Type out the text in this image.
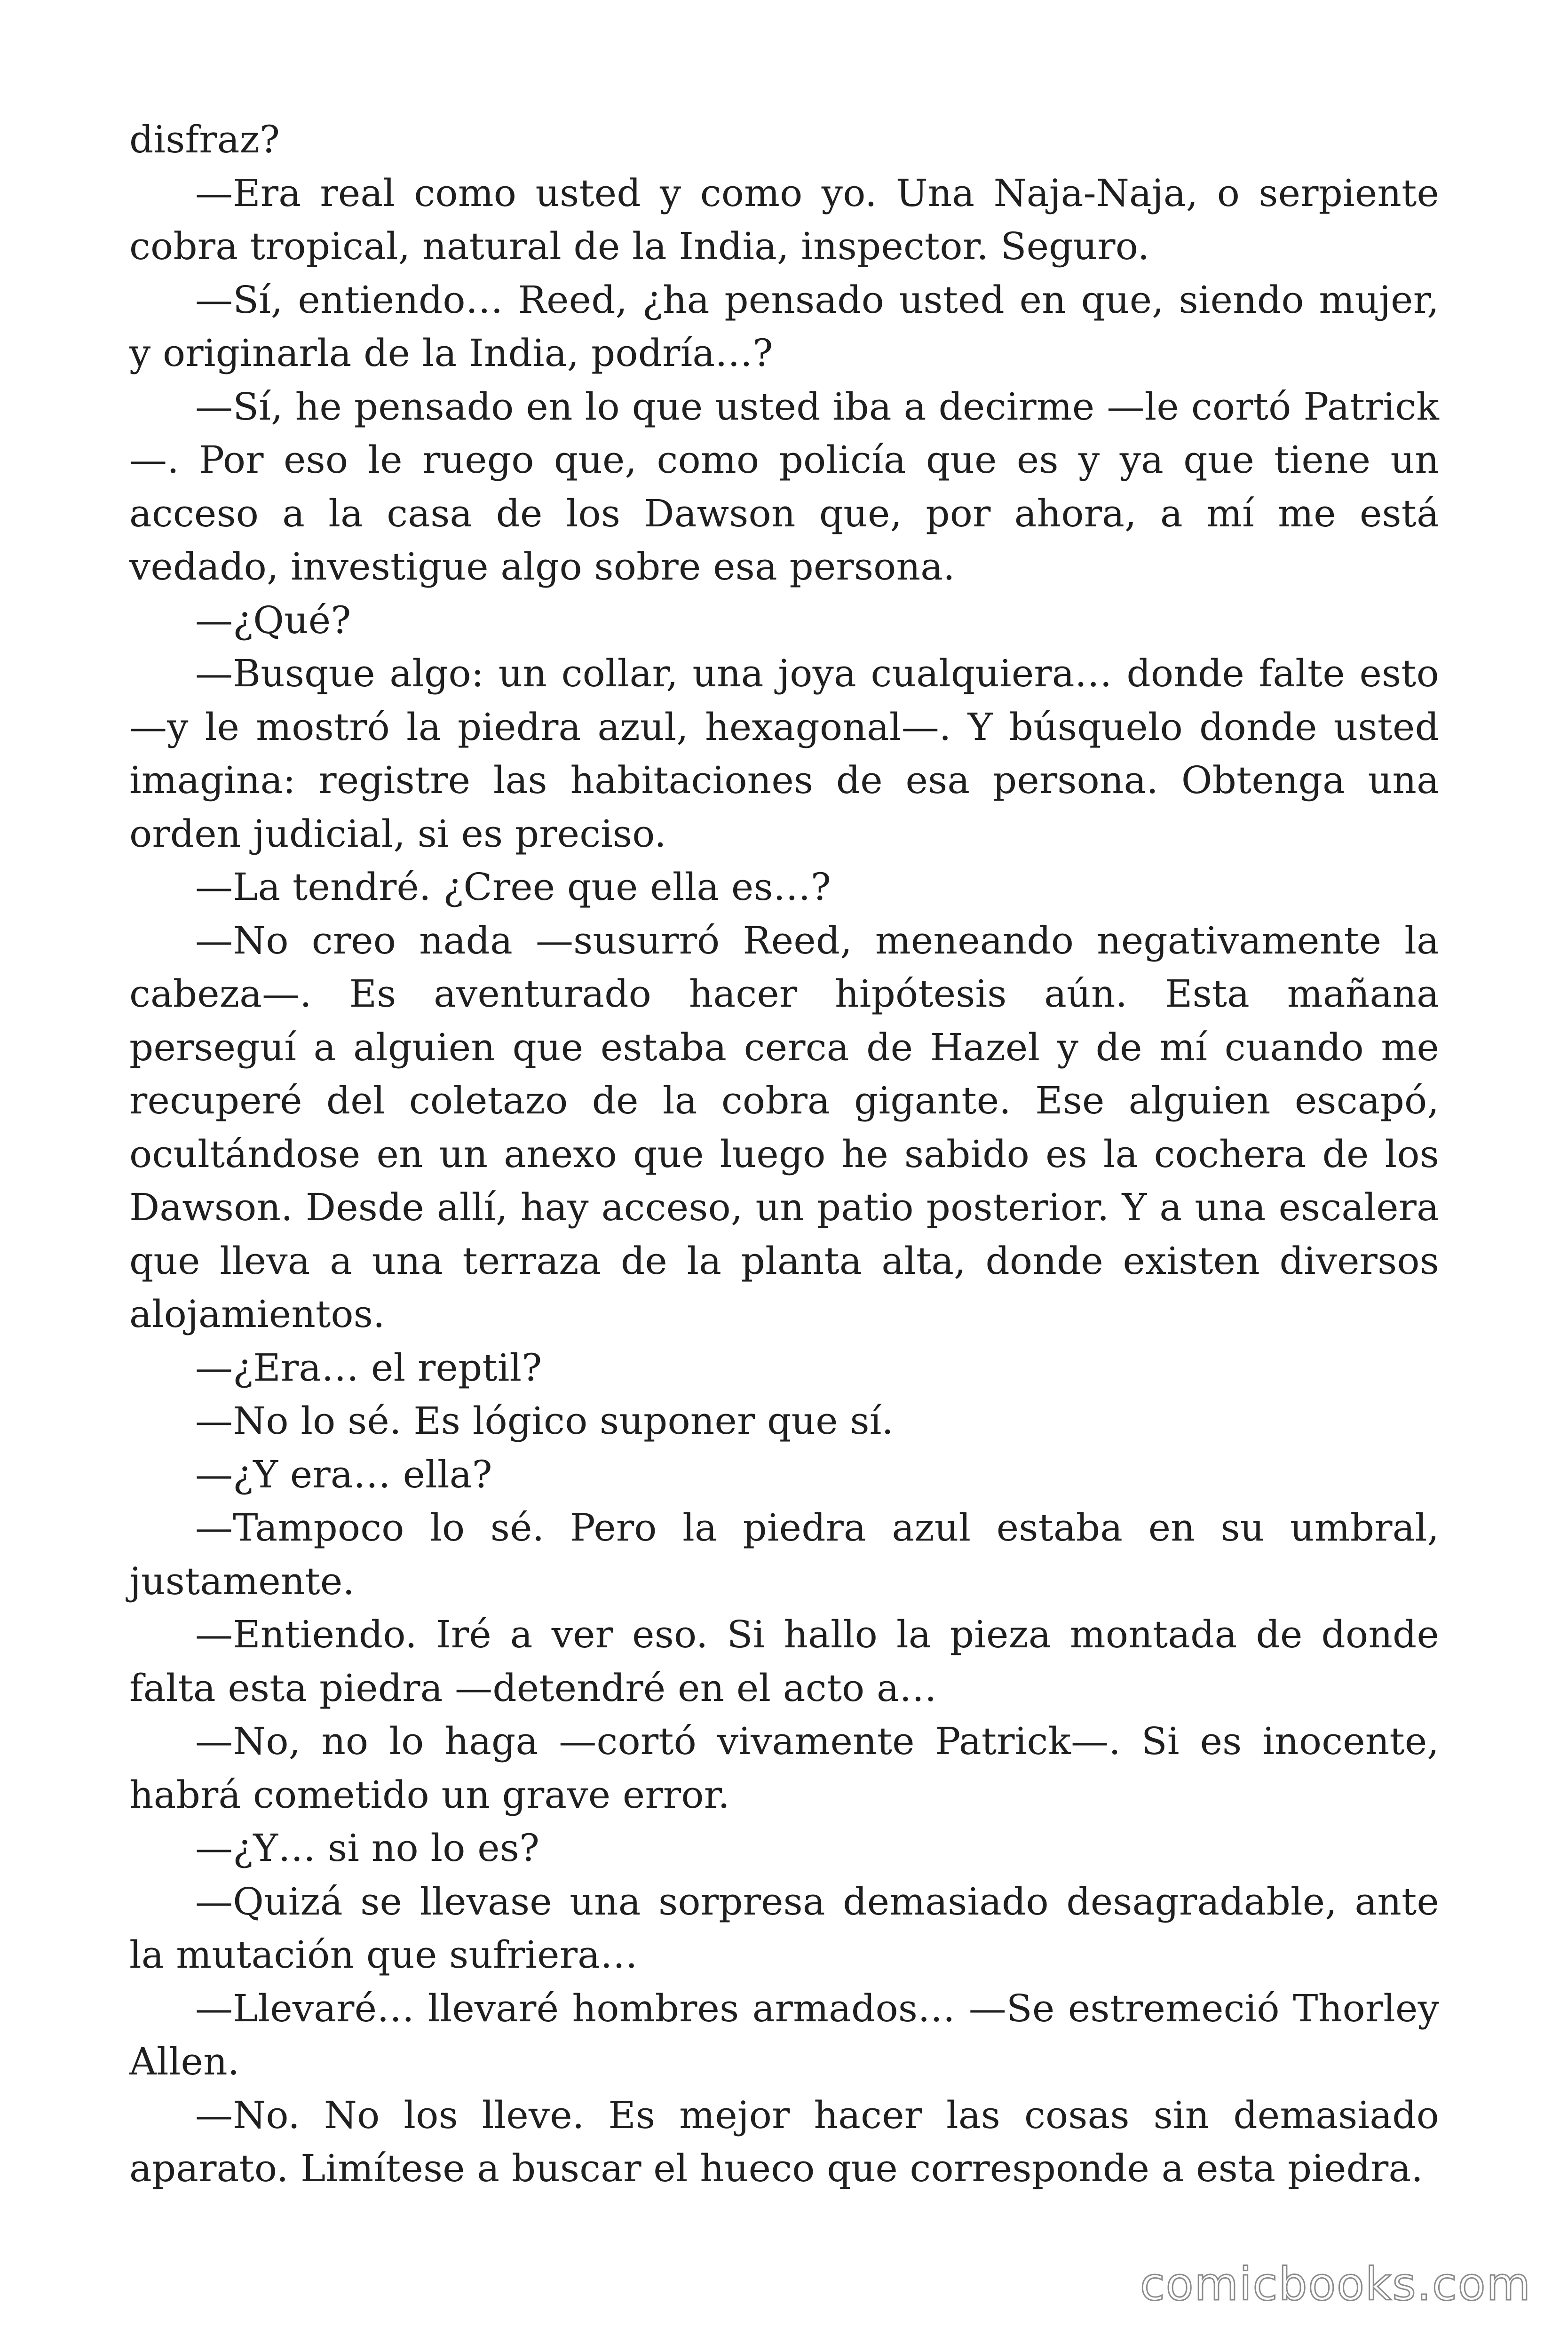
disfraz?

—Era real como usted y como yo. Una Naja-Naja, o serpiente cobra tropical, natural de la India, inspector. Seguro.

—Sí, entiendo… Reed, ¿ha pensado usted en que, siendo mujer, y originarla de la India, podría…?

—Sí, he pensado en lo que usted iba a decirme —le cortó Patrick —. Por eso le ruego que, como policía que es y ya que tiene un acceso a la casa de los Dawson que, por ahora, a mí me está vedado, investigue algo sobre esa persona.

—¿Qué?

—Busque algo: un collar, una joya cualquiera… donde falte esto —y le mostró la piedra azul, hexagonal—. Y búsquelo donde usted imagina: registre las habitaciones de esa persona. Obtenga una orden judicial, si es preciso.

—La tendré. ¿Cree que ella es…?

—No creo nada —susurró Reed, meneando negativamente la cabeza—. Es aventurado hacer hipótesis aún. Esta mañana perseguí a alguien que estaba cerca de Hazel y de mí cuando me recuperé del coletazo de la cobra gigante. Ese alguien escapó, ocultándose en un anexo que luego he sabido es la cochera de los Dawson. Desde allí, hay acceso, un patio posterior. Y a una escalera que lleva a una terraza de la planta alta, donde existen diversos alojamientos.

—¿Era… el reptil?

—No lo sé. Es lógico suponer que sí.

—¿Y era… ella?

—Tampoco lo sé. Pero la piedra azul estaba en su umbral, justamente.

—Entiendo. Iré a ver eso. Si hallo la pieza montada de donde falta esta piedra —detendré en el acto a…

—No, no lo haga —cortó vivamente Patrick—. Si es inocente, habrá cometido un grave error.

—¿Y… si no lo es?

—Quizá se llevase una sorpresa demasiado desagradable, ante la mutación que sufriera…

—Llevaré… llevaré hombres armados… —Se estremeció Thorley Allen.

—No. No los lleve. Es mejor hacer las cosas sin demasiado aparato. Limítese a buscar el hueco que corresponde a esta piedra.

comicbooks.com
